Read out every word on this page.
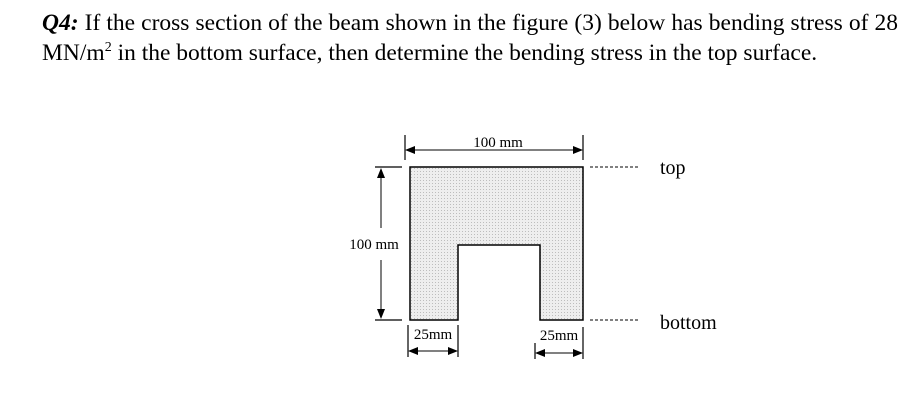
Q4: If the cross section of the beam shown in the figure (3) below has bending stress of 28 $MN/m^2$ in the bottom surface, then determine the bending stress in the top surface.
100 mm
100 mm
25mm	25mm
top
bottom
